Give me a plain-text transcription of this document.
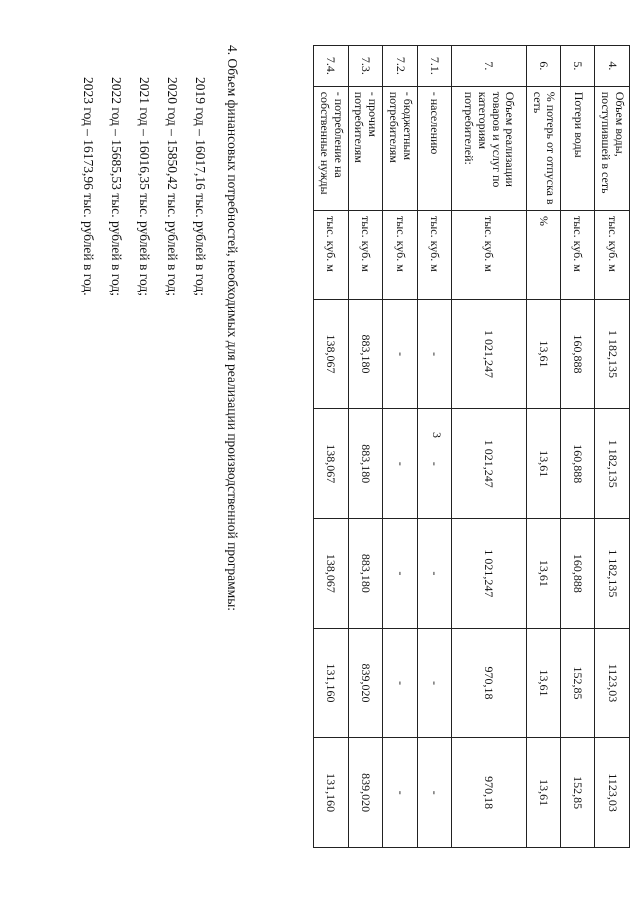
3
4.	Объем воды, поступившей в сеть	тыс. куб. м	1 182,135	1 182,135	1 182,135	1123,03	1123,03
5.	Потери воды	тыс. куб. м	160,888	160,888	160,888	152,85	152,85
6.	% потерь от отпуска в сеть	%	13,61	13,61	13,61	13,61	13,61
7.	Объем реализации товаров и услуг по категориям потребителей:	тыс. куб. м	1 021,247	1 021,247	1 021,247	970,18	970,18
7.1.	- населению	тыс. куб. м	-	-	-	-	-
7.2.	- бюджетным потребителям	тыс. куб. м	-	-	-	-	-
7.3.	- прочим потребителям	тыс. куб. м	883,180	883,180	883,180	839,020	839,020
7.4.	- потребление на собственные нужды	тыс. куб. м	138,067	138,067	138,067	131,160	131,160

4. Объем финансовых потребностей, необходимых для реализации производственной программы:

2019 год – 16017,16 тыс. рублей в год;

2020 год – 15850,42 тыс. рублей в год;

2021 год – 16016,35 тыс. рублей в год;

2022 год – 15685,53 тыс. рублей в год;

2023 год – 16173,96 тыс. рублей в год.
